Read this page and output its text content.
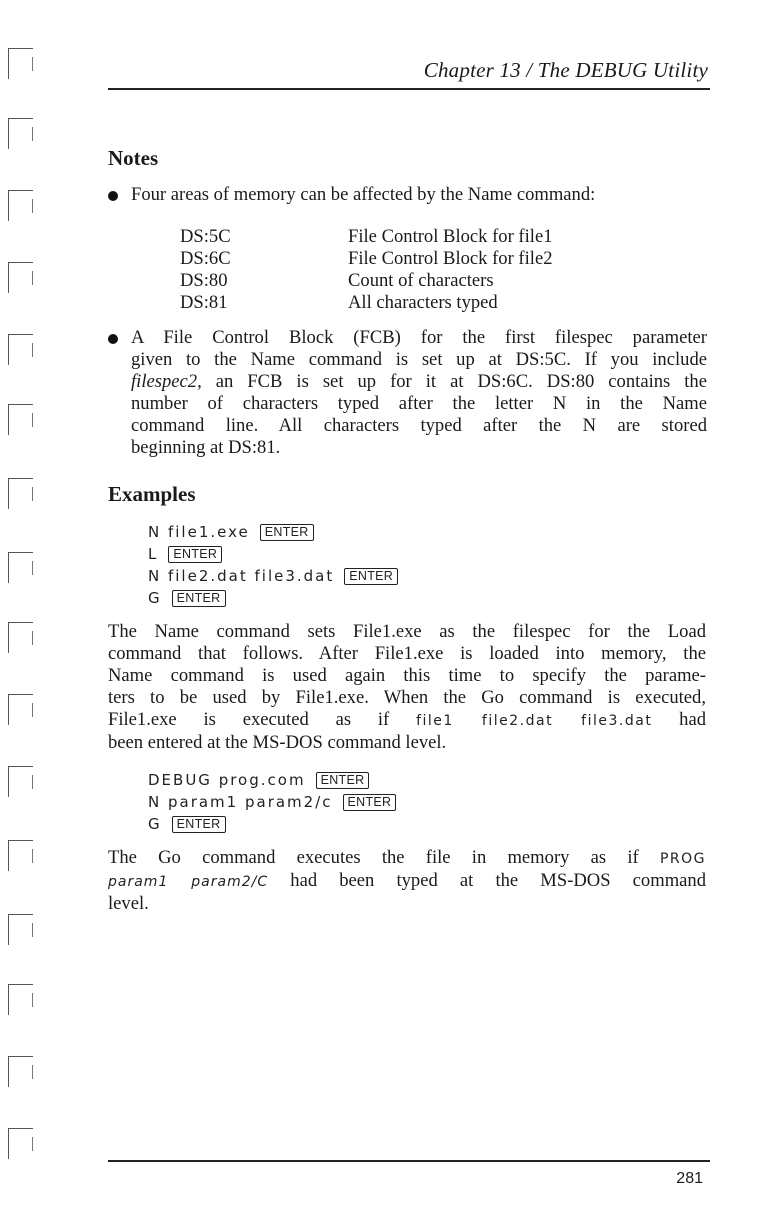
Chapter 13 / The DEBUG Utility
Notes
Four areas of memory can be affected by the Name command:
DS:5C	File Control Block for file1
DS:6C	File Control Block for file2
DS:80	Count of characters
DS:81	All characters typed
A File Control Block (FCB) for the first filespec parameter
given to the Name command is set up at DS:5C. If you include
filespec2, an FCB is set up for it at DS:6C. DS:80 contains the
number of characters typed after the letter N in the Name
command line. All characters typed after the N are stored
beginning at DS:81.
Examples
N file1.exe	ENTER
L	ENTER
N file2.dat file3.dat	ENTER
G	ENTER
The Name command sets File1.exe as the filespec for the Load
command that follows. After File1.exe is loaded into memory, the
Name command is used again this time to specify the parame-
ters to be used by File1.exe. When the Go command is executed,
File1.exe is executed as if file1 file2.dat file3.dat had
been entered at the MS-DOS command level.
DEBUG prog.com	ENTER
N param1 param2/c	ENTER
G	ENTER
The Go command executes the file in memory as if PROG
param1 param2/C had been typed at the MS-DOS command
level.
281
